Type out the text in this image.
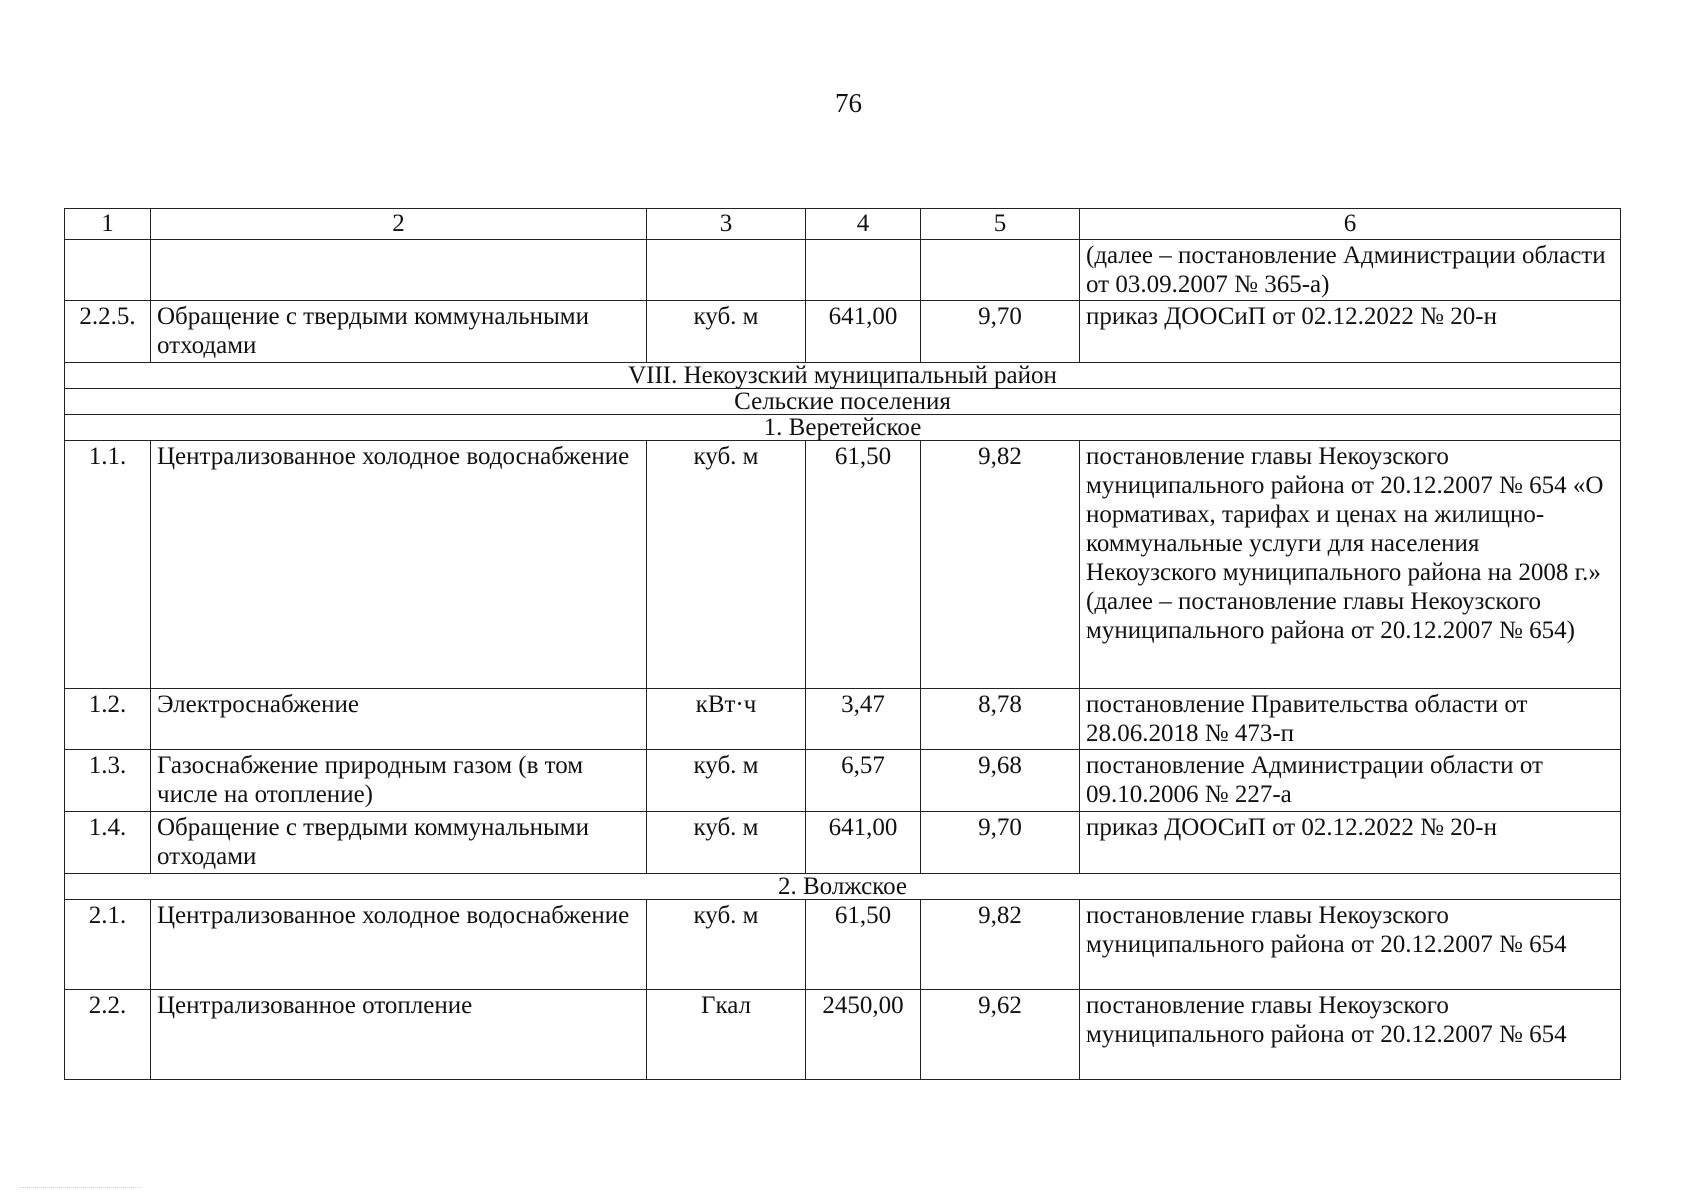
76
1	2	3	4	5	6
					(далее – постановление Администрации области от 03.09.2007 № 365-а)
2.2.5.	Обращение с твердыми коммунальными отходами	куб. м	641,00	9,70	приказ ДООСиП от 02.12.2022 № 20-н
VIII. Некоузский муниципальный район					
Сельские поселения					
1. Веретейское					
1.1.	Централизованное холодное водоснабжение	куб. м	61,50	9,82	постановление главы Некоузского муниципального района от 20.12.2007 № 654 «О нормативах, тарифах и ценах на жилищно-коммунальные услуги для населения Некоузского муниципального района на 2008 г.» (далее – постановление главы Некоузского муниципального района от 20.12.2007 № 654)
1.2.	Электроснабжение	кВт·ч	3,47	8,78	постановление Правительства области от 28.06.2018 № 473-п
1.3.	Газоснабжение природным газом (в том числе на отопление)	куб. м	6,57	9,68	постановление Администрации области от 09.10.2006 № 227-а
1.4.	Обращение с твердыми коммунальными отходами	куб. м	641,00	9,70	приказ ДООСиП от 02.12.2022 № 20-н
2. Волжское					
2.1.	Централизованное холодное водоснабжение	куб. м	61,50	9,82	постановление главы Некоузского муниципального района от 20.12.2007 № 654
2.2.	Централизованное отопление	Гкал	2450,00	9,62	постановление главы Некоузского муниципального района от 20.12.2007 № 654
